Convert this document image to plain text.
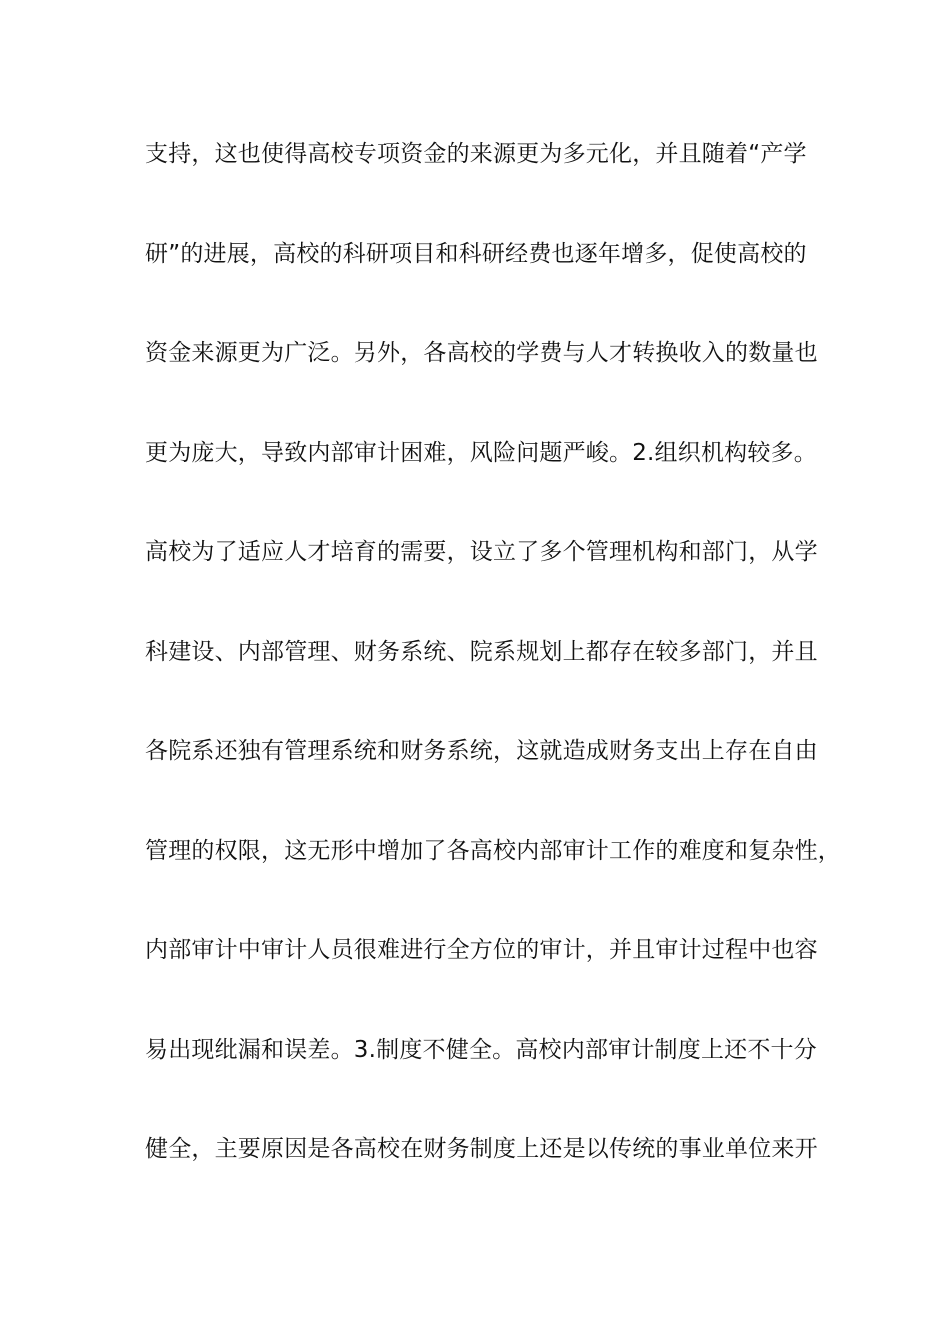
支持，这也使得高校专项资金的来源更为多元化，并且随着“产学
研”的进展，高校的科研项目和科研经费也逐年增多，促使高校的
资金来源更为广泛。另外，各高校的学费与人才转换收入的数量也
更为庞大，导致内部审计困难，风险问题严峻。2.组织机构较多。
高校为了适应人才培育的需要，设立了多个管理机构和部门，从学
科建设、内部管理、财务系统、院系规划上都存在较多部门，并且
各院系还独有管理系统和财务系统，这就造成财务支出上存在自由
管理的权限，这无形中增加了各高校内部审计工作的难度和复杂性，
内部审计中审计人员很难进行全方位的审计，并且审计过程中也容
易出现纰漏和误差。3.制度不健全。高校内部审计制度上还不十分
健全，主要原因是各高校在财务制度上还是以传统的事业单位来开
